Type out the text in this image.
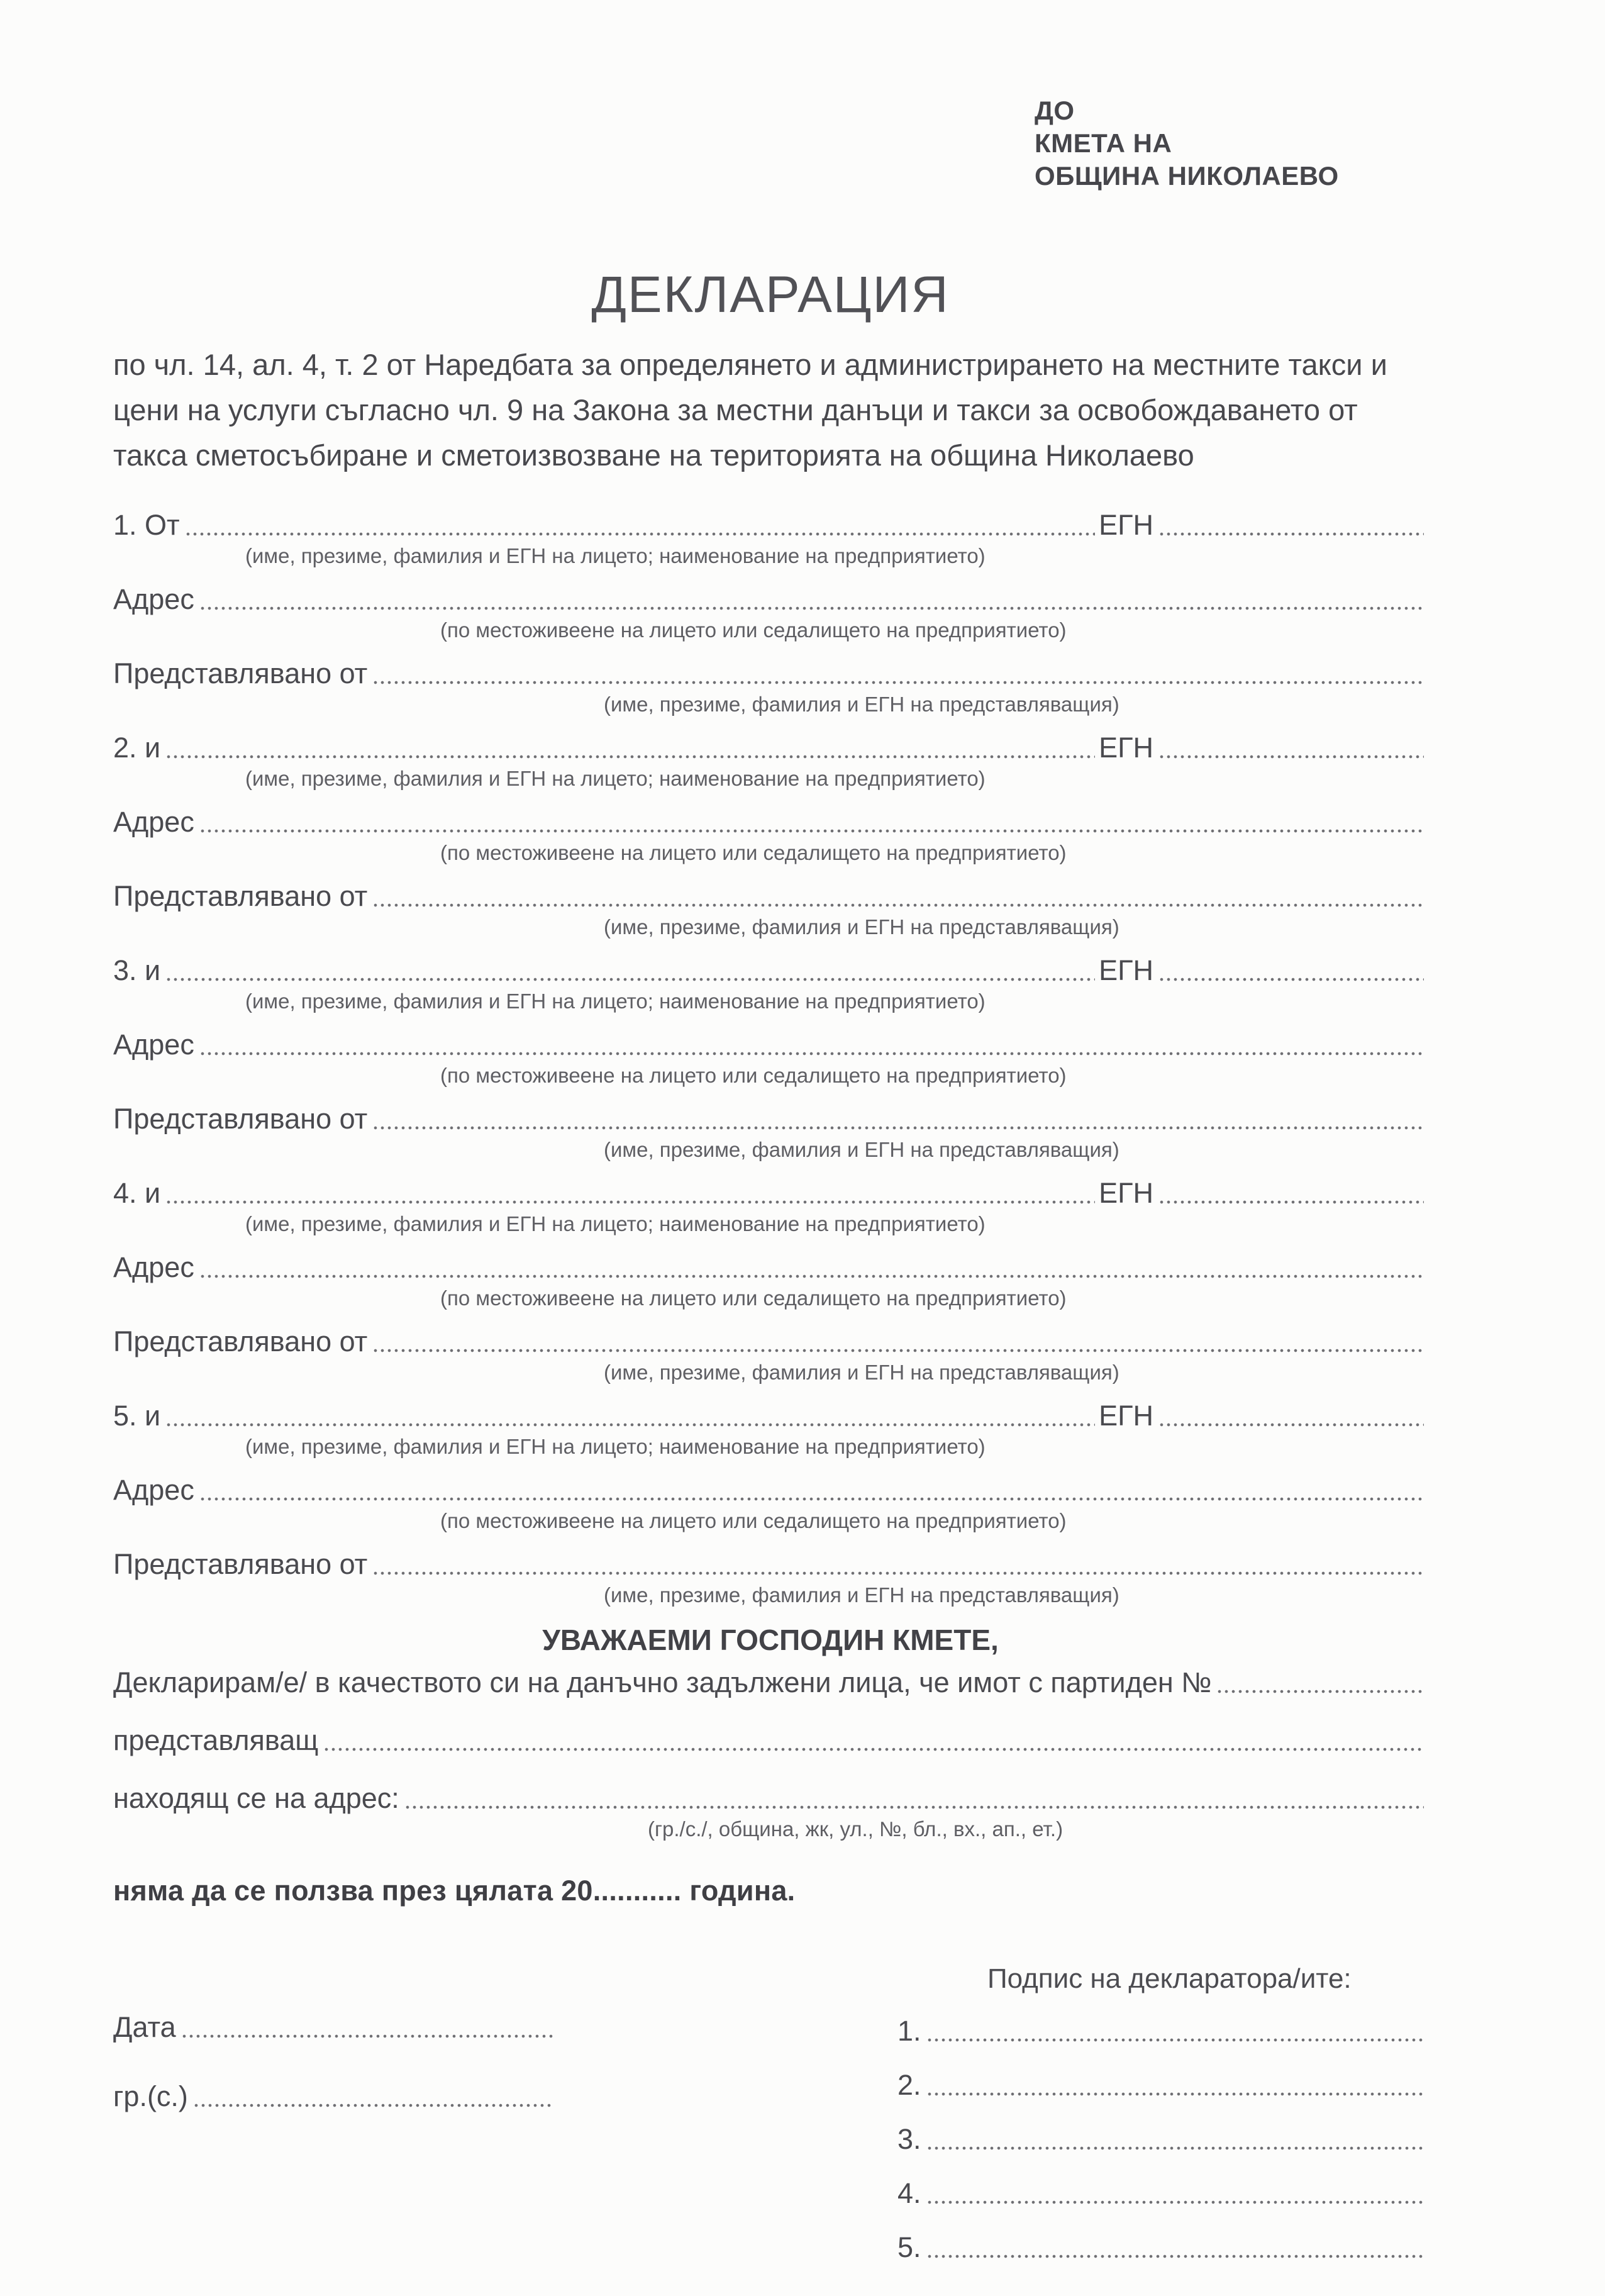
ДО
КМЕТА НА
ОБЩИНА НИКОЛАЕВО
ДЕКЛАРАЦИЯ
по чл. 14, ал. 4, т. 2 от Наредбата за определянето и администрирането на местните такси и цени на услуги съгласно чл. 9 на Закона за местни данъци и такси за освобождаването от такса сметосъбиране и сметоизвозване на територията на община Николаево
1. От	ЕГН
(име, презиме, фамилия и ЕГН на лицето; наименование на предприятието)
Адрес
(по местоживеене на лицето или седалището на предприятието)
Представлявано от
(име, презиме, фамилия и ЕГН на представляващия)
2. и	ЕГН
(име, презиме, фамилия и ЕГН на лицето; наименование на предприятието)
Адрес
(по местоживеене на лицето или седалището на предприятието)
Представлявано от
(име, презиме, фамилия и ЕГН на представляващия)
3. и	ЕГН
(име, презиме, фамилия и ЕГН на лицето; наименование на предприятието)
Адрес
(по местоживеене на лицето или седалището на предприятието)
Представлявано от
(име, презиме, фамилия и ЕГН на представляващия)
4. и	ЕГН
(име, презиме, фамилия и ЕГН на лицето; наименование на предприятието)
Адрес
(по местоживеене на лицето или седалището на предприятието)
Представлявано от
(име, презиме, фамилия и ЕГН на представляващия)
5. и	ЕГН
(име, презиме, фамилия и ЕГН на лицето; наименование на предприятието)
Адрес
(по местоживеене на лицето или седалището на предприятието)
Представлявано от
(име, презиме, фамилия и ЕГН на представляващия)
УВАЖАЕМИ ГОСПОДИН КМЕТЕ,
Декларирам/е/ в качеството си на данъчно задължени лица, че имот с партиден №
представляващ
находящ се на адрес:
(гр./с./, община, жк, ул., №, бл., вх., ап., ет.)
няма да се ползва през цялата 20........... година.
Подпис на декларатора/ите:
Дата
гр.(с.)
1.
2.
3.
4.
5.
